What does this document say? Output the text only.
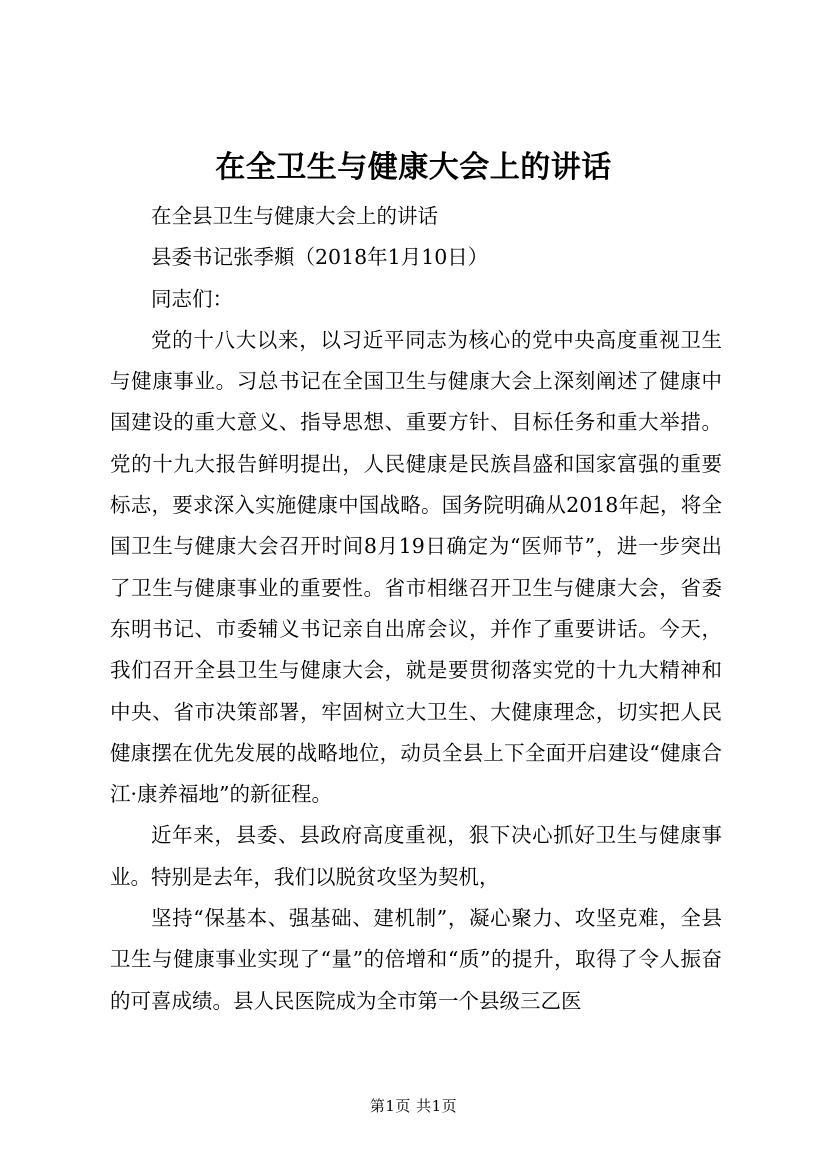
在全卫生与健康大会上的讲话

在全县卫生与健康大会上的讲话

县委书记张季頫（2018年1月10日）

同志们：

党的十八大以来，以习近平同志为核心的党中央高度重视卫生与健康事业。习总书记在全国卫生与健康大会上深刻阐述了健康中国建设的重大意义、指导思想、重要方针、目标任务和重大举措。党的十九大报告鲜明提出，人民健康是民族昌盛和国家富强的重要标志，要求深入实施健康中国战略。国务院明确从2018年起，将全国卫生与健康大会召开时间8月19日确定为“医师节”，进一步突出了卫生与健康事业的重要性。省市相继召开卫生与健康大会，省委东明书记、市委辅义书记亲自出席会议，并作了重要讲话。今天，我们召开全县卫生与健康大会，就是要贯彻落实党的十九大精神和中央、省市决策部署，牢固树立大卫生、大健康理念，切实把人民健康摆在优先发展的战略地位，动员全县上下全面开启建设“健康合江·康养福地”的新征程。

近年来，县委、县政府高度重视，狠下决心抓好卫生与健康事业。特别是去年，我们以脱贫攻坚为契机，

坚持“保基本、强基础、建机制”，凝心聚力、攻坚克难，全县卫生与健康事业实现了“量”的倍增和“质”的提升，取得了令人振奋的可喜成绩。县人民医院成为全市第一个县级三乙医

第1页 共1页
